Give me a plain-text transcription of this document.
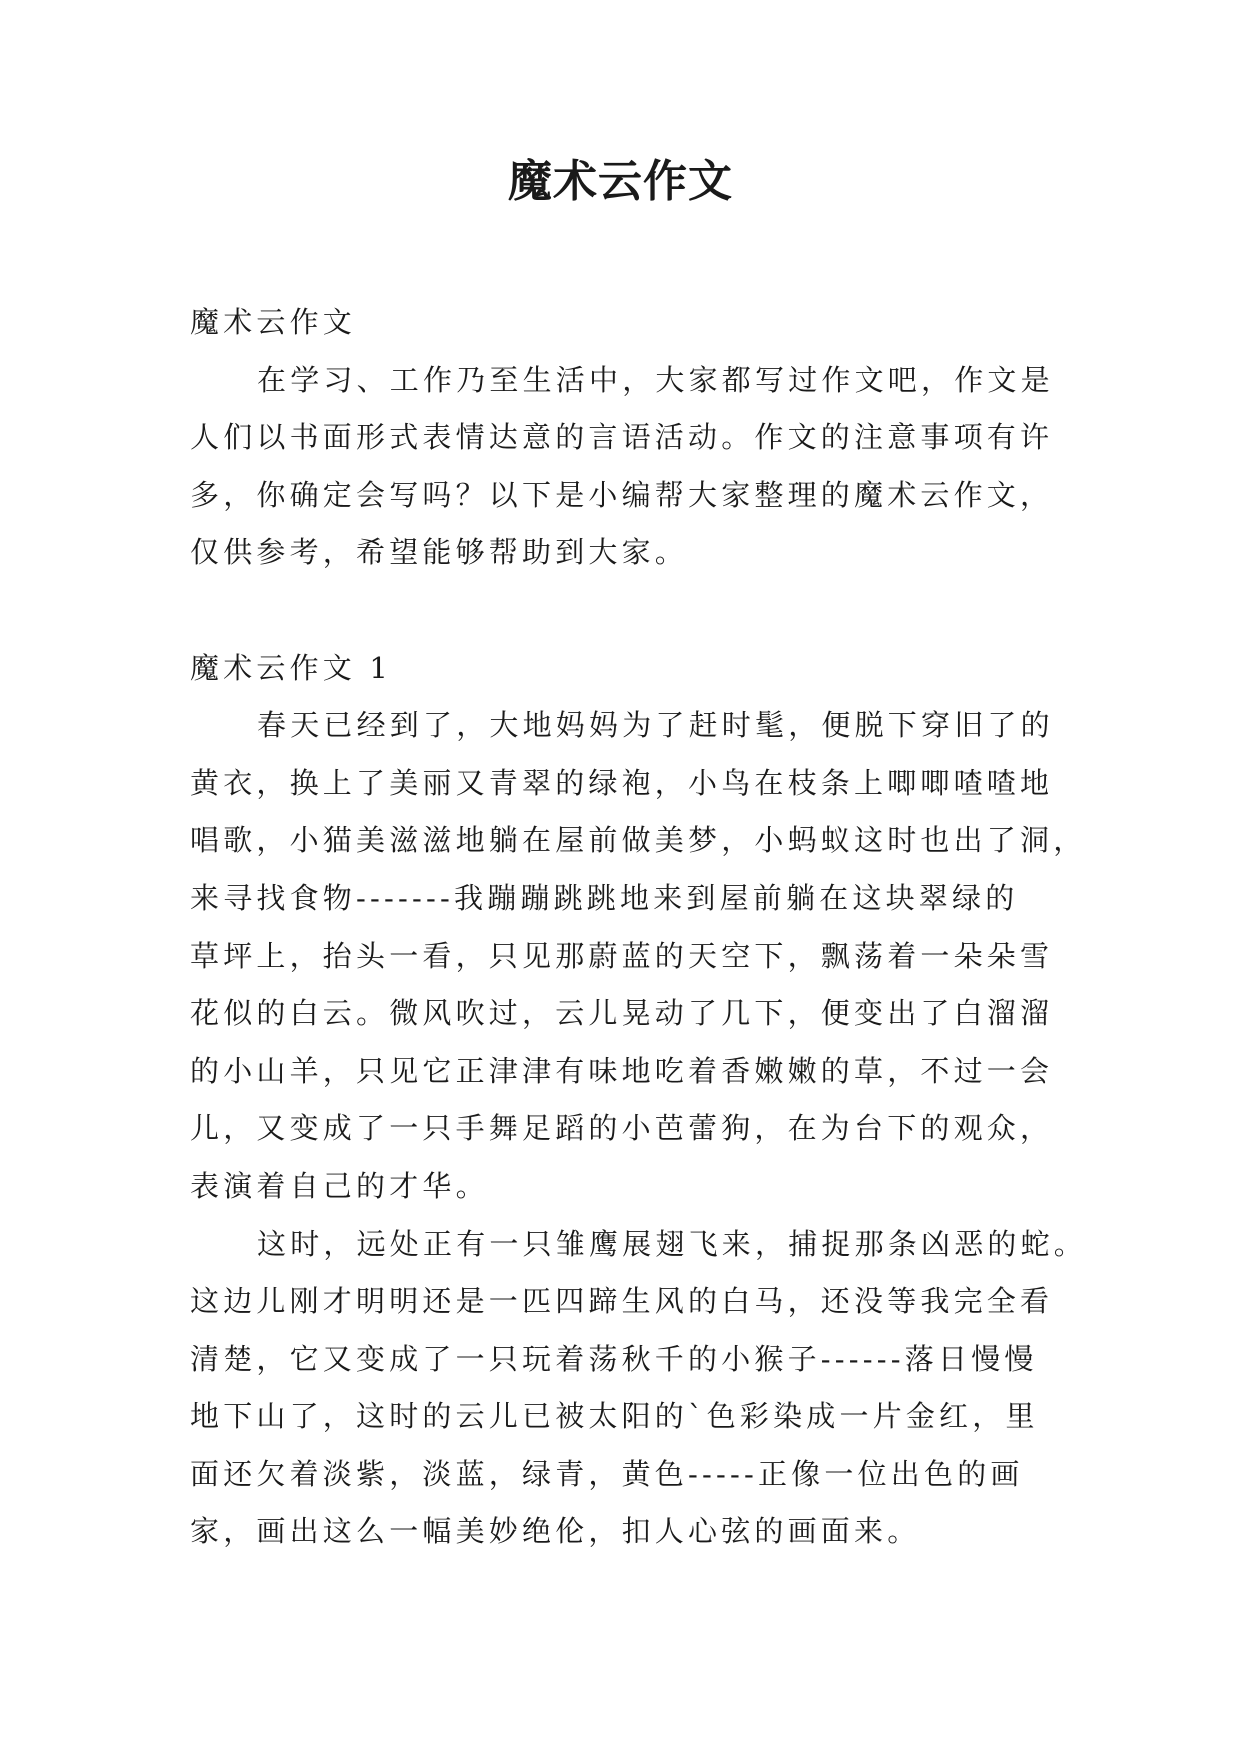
魔术云作文
魔术云作文
在学习、工作乃至生活中，大家都写过作文吧，作文是
人们以书面形式表情达意的言语活动。作文的注意事项有许
多，你确定会写吗？以下是小编帮大家整理的魔术云作文，
仅供参考，希望能够帮助到大家。
魔术云作文 1
春天已经到了，大地妈妈为了赶时髦，便脱下穿旧了的
黄衣，换上了美丽又青翠的绿袍，小鸟在枝条上唧唧喳喳地
唱歌，小猫美滋滋地躺在屋前做美梦，小蚂蚁这时也出了洞，
来寻找食物-------我蹦蹦跳跳地来到屋前躺在这块翠绿的
草坪上，抬头一看，只见那蔚蓝的天空下，飘荡着一朵朵雪
花似的白云。微风吹过，云儿晃动了几下，便变出了白溜溜
的小山羊，只见它正津津有味地吃着香嫩嫩的草，不过一会
儿，又变成了一只手舞足蹈的小芭蕾狗，在为台下的观众，
表演着自己的才华。
这时，远处正有一只雏鹰展翅飞来，捕捉那条凶恶的蛇。
这边儿刚才明明还是一匹四蹄生风的白马，还没等我完全看
清楚，它又变成了一只玩着荡秋千的小猴子------落日慢慢
地下山了，这时的云儿已被太阳的`色彩染成一片金红，里
面还欠着淡紫，淡蓝，绿青，黄色-----正像一位出色的画
家，画出这么一幅美妙绝伦，扣人心弦的画面来。
